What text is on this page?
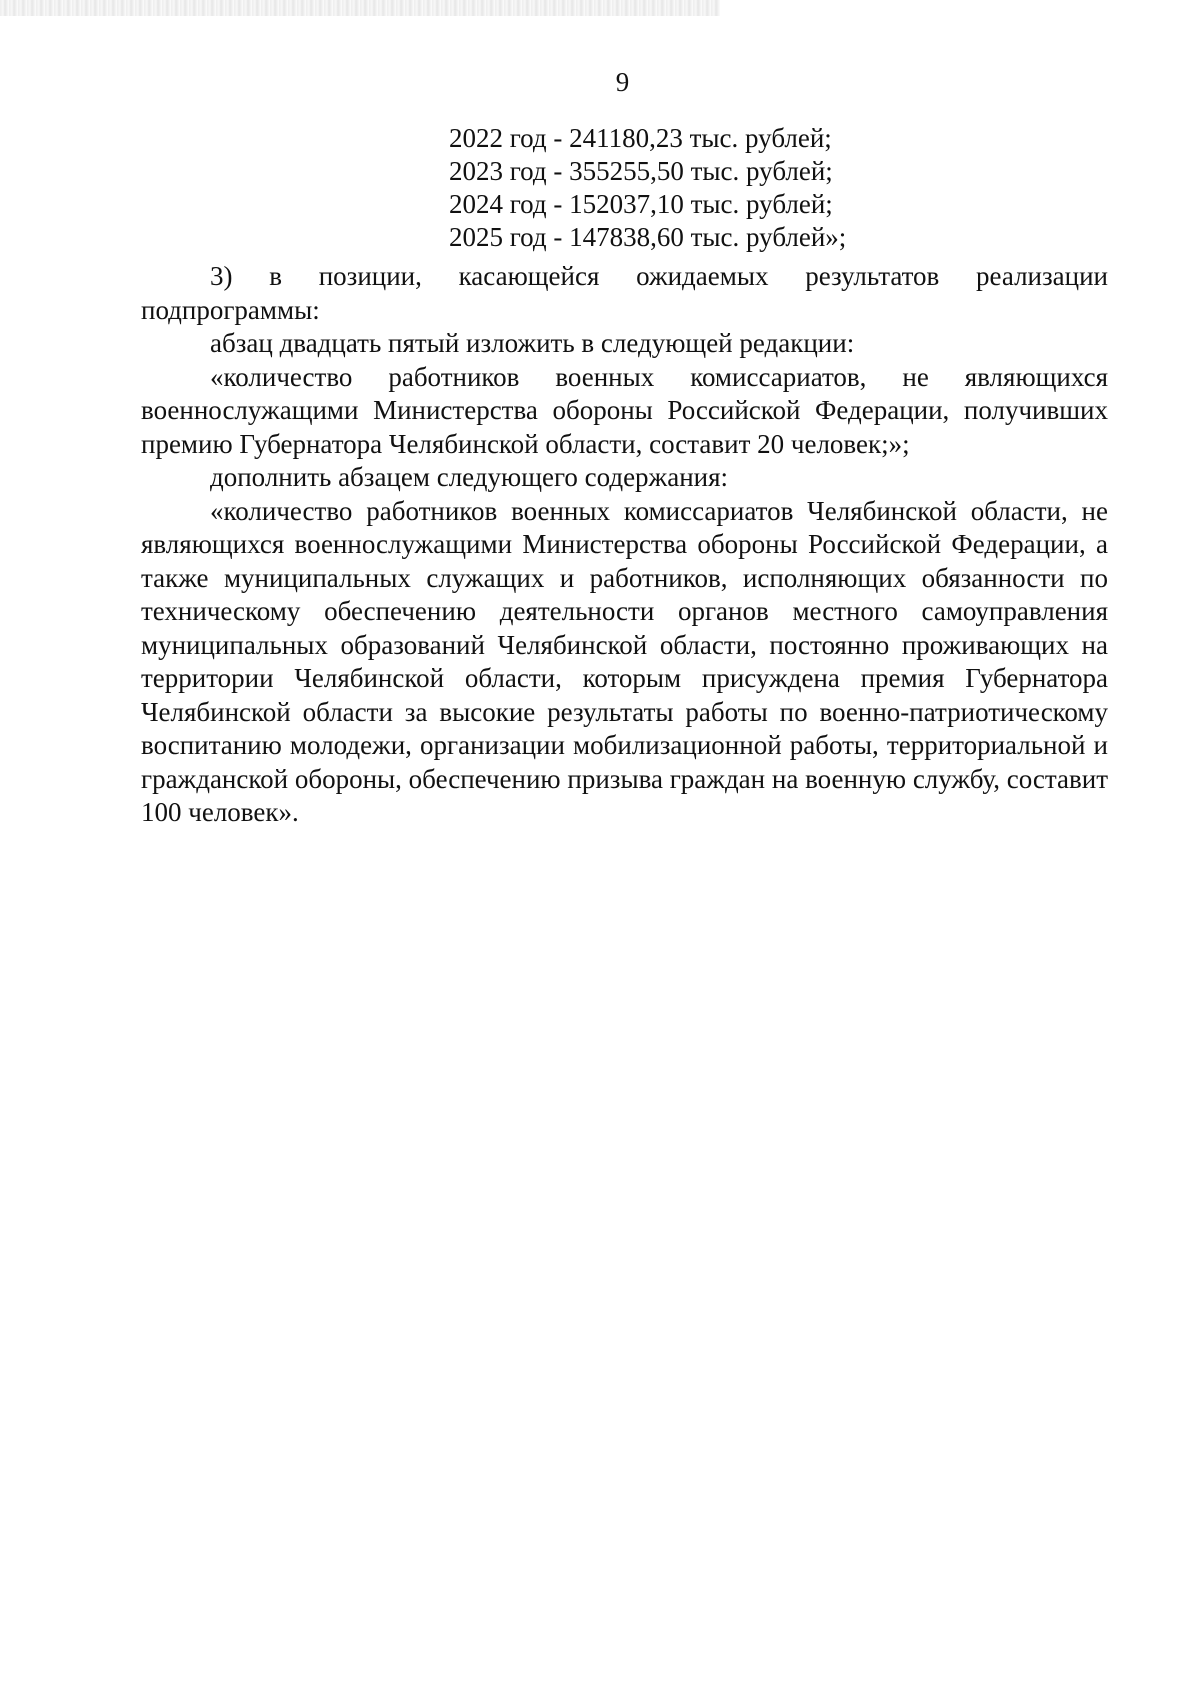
9
2022 год - 241180,23 тыс. рублей;
2023 год - 355255,50 тыс. рублей;
2024 год - 152037,10 тыс. рублей;
2025 год - 147838,60 тыс. рублей»;

3) в позиции, касающейся ожидаемых результатов реализации подпрограммы:

абзац двадцать пятый изложить в следующей редакции:

«количество работников военных комиссариатов, не являющихся военнослужащими Министерства обороны Российской Федерации, получивших премию Губернатора Челябинской области, составит 20 человек;»;

дополнить абзацем следующего содержания:

«количество работников военных комиссариатов Челябинской области, не являющихся военнослужащими Министерства обороны Российской Федерации, а также муниципальных служащих и работников, исполняющих обязанности по техническому обеспечению деятельности органов местного самоуправления муниципальных образований Челябинской области, постоянно проживающих на территории Челябинской области, которым присуждена премия Губернатора Челябинской области за высокие результаты работы по военно-патриотическому воспитанию молодежи, организации мобилизационной работы, территориальной и гражданской обороны, обеспечению призыва граждан на военную службу, составит 100 человек».
